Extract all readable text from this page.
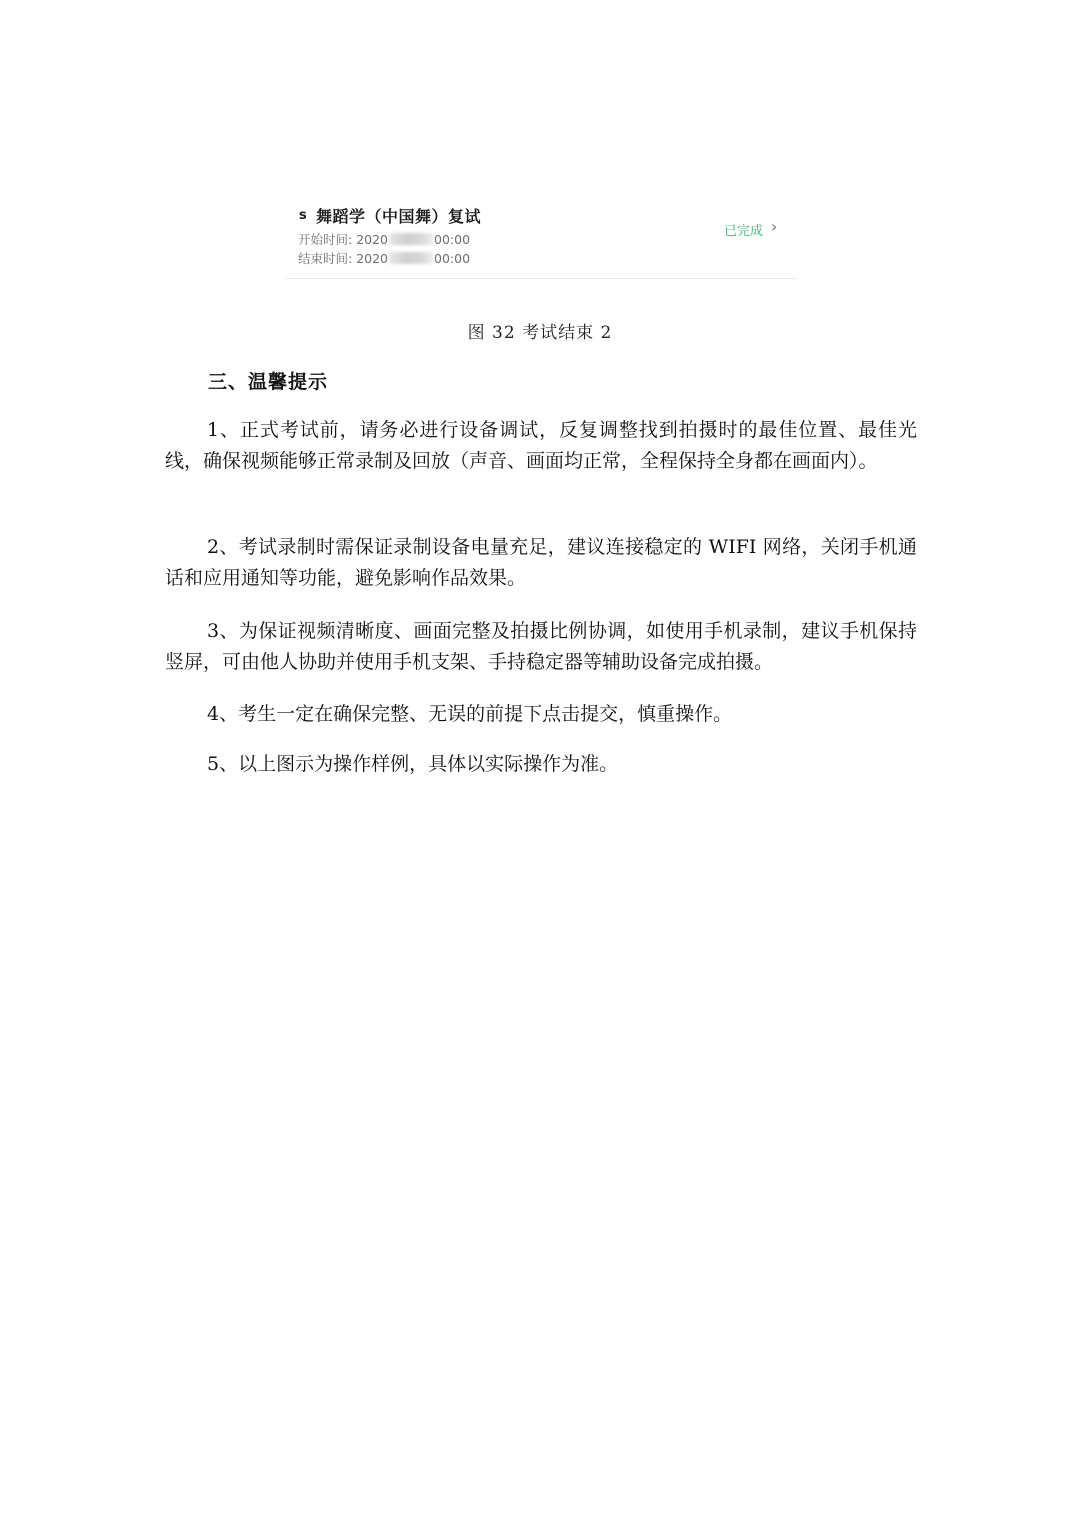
s 舞蹈学（中国舞）复试
开始时间: 2020	00:00
结束时间: 2020	00:00
已完成 ›
图 32 考试结束 2
三、温馨提示

1、正式考试前，请务必进行设备调试，反复调整找到拍摄时的最佳位置、最佳光线，确保视频能够正常录制及回放（声音、画面均正常，全程保持全身都在画面内）。

2、考试录制时需保证录制设备电量充足，建议连接稳定的 WIFI 网络，关闭手机通话和应用通知等功能，避免影响作品效果。

3、为保证视频清晰度、画面完整及拍摄比例协调，如使用手机录制，建议手机保持竖屏，可由他人协助并使用手机支架、手持稳定器等辅助设备完成拍摄。

4、考生一定在确保完整、无误的前提下点击提交，慎重操作。

5、以上图示为操作样例，具体以实际操作为准。
